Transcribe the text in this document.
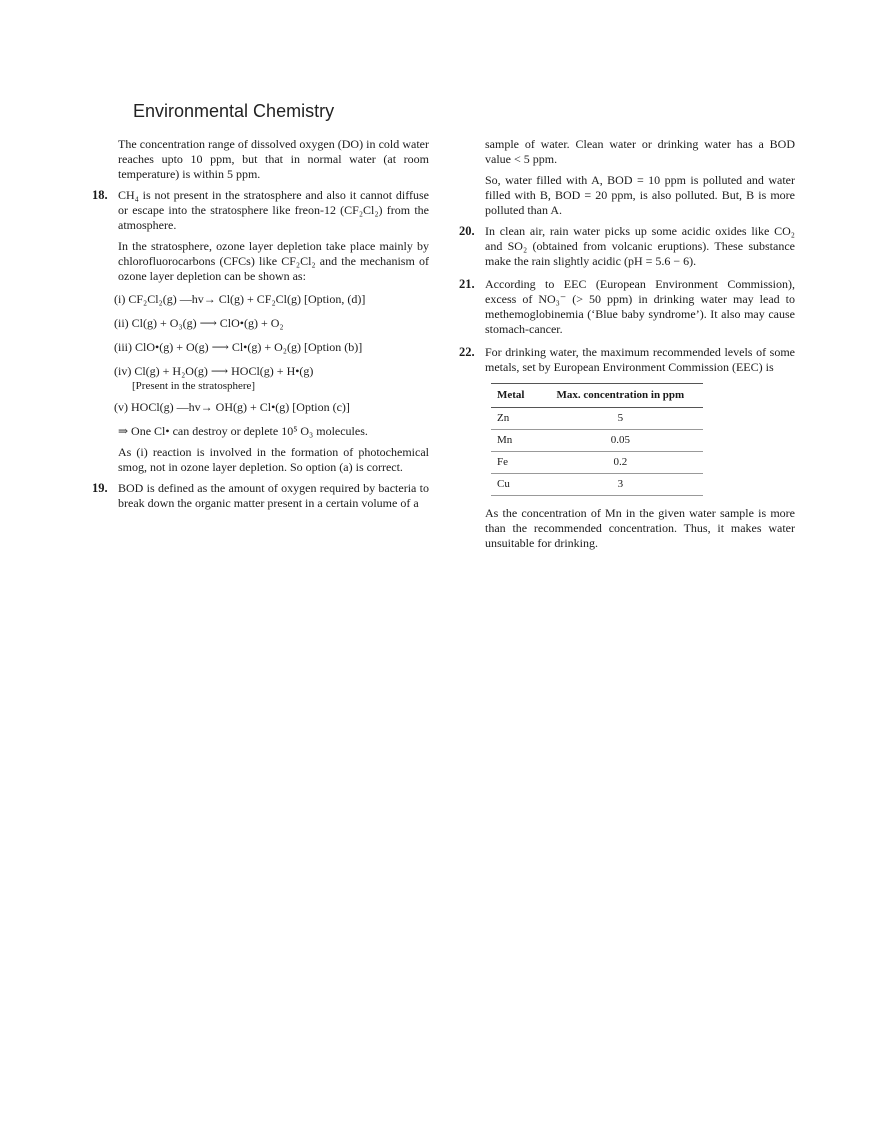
Environmental Chemistry

The concentration range of dissolved oxygen (DO) in cold water reaches upto 10 ppm, but that in normal water (at room temperature) is within 5 ppm.

18. CH₄ is not present in the stratosphere and also it cannot diffuse or escape into the stratosphere like freon-12 (CF₂Cl₂) from the atmosphere.

In the stratosphere, ozone layer depletion take place mainly by chlorofluorocarbons (CFCs) like CF₂Cl₂ and the mechanism of ozone layer depletion can be shown as:

(i) CF₂Cl₂(g) —hv→ Cl(g) + CF₂Cl(g) [Option, (d)]
(ii) Cl(g) + O₃(g) ⟶ ClO•(g) + O₂
(iii) ClO•(g) + O(g) ⟶ Cl•(g) + O₂(g) [Option (b)]
(iv) Cl(g) + H₂O(g) ⟶ HOCl(g) + H•(g)
[Present in the stratosphere]
(v) HOCl(g) —hv→ OH(g) + Cl•(g) [Option (c)]

⇒ One Cl• can destroy or deplete 10⁵ O₃ molecules.

As (i) reaction is involved in the formation of photochemical smog, not in ozone layer depletion. So option (a) is correct.

19. BOD is defined as the amount of oxygen required by bacteria to break down the organic matter present in a certain volume of a

sample of water. Clean water or drinking water has a BOD value < 5 ppm.

So, water filled with A, BOD = 10 ppm is polluted and water filled with B, BOD = 20 ppm, is also polluted. But, B is more polluted than A.

20. In clean air, rain water picks up some acidic oxides like CO₂ and SO₂ (obtained from volcanic eruptions). These substance make the rain slightly acidic (pH = 5.6 − 6).

21. According to EEC (European Environment Commission), excess of NO₃⁻ (> 50 ppm) in drinking water may lead to methemoglobinemia (‘Blue baby syndrome’). It also may cause stomach-cancer.

22. For drinking water, the maximum recommended levels of some metals, set by European Environment Commission (EEC) is

Metal	Max. concentration in ppm
Zn	5
Mn	0.05
Fe	0.2
Cu	3

As the concentration of Mn in the given water sample is more than the recommended concentration. Thus, it makes water unsuitable for drinking.
